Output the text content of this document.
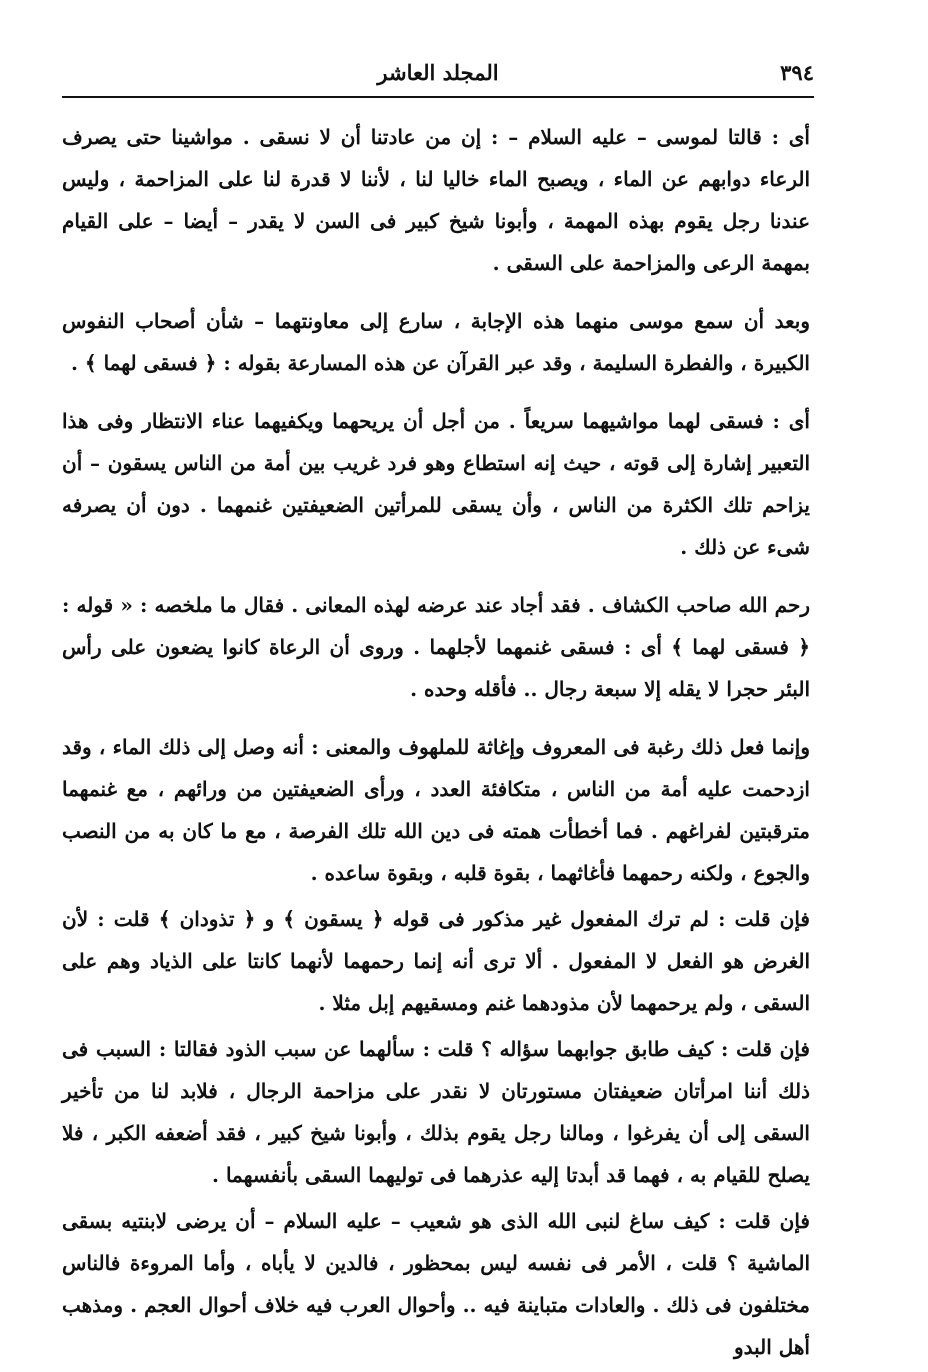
٣٩٤
المجلد العاشر

أى : قالتا لموسى – عليه السلام – : إن من عادتنا أن لا نسقى . مواشينا حتى يصرف الرعاء دوابهم عن الماء ، ويصبح الماء خاليا لنا ، لأننا لا قدرة لنا على المزاحمة ، وليس عندنا رجل يقوم بهذه المهمة ، وأبونا شيخ كبير فى السن لا يقدر – أيضا – على القيام بمهمة الرعى والمزاحمة على السقى .

وبعد أن سمع موسى منهما هذه الإجابة ، سارع إلى معاونتهما – شأن أصحاب النفوس الكبيرة ، والفطرة السليمة ، وقد عبر القرآن عن هذه المسارعة بقوله : ﴿ فسقى لهما ﴾ .

أى : فسقى لهما مواشيهما سريعاً . من أجل أن يريحهما ويكفيهما عناء الانتظار وفى هذا التعبير إشارة إلى قوته ، حيث إنه استطاع وهو فرد غريب بين أمة من الناس يسقون – أن يزاحم تلك الكثرة من الناس ، وأن يسقى للمرأتين الضعيفتين غنمهما . دون أن يصرفه شىء عن ذلك .

رحم الله صاحب الكشاف . فقد أجاد عند عرضه لهذه المعانى . فقال ما ملخصه : « قوله : ﴿ فسقى لهما ﴾ أى : فسقى غنمهما لأجلهما . وروى أن الرعاة كانوا يضعون على رأس البئر حجرا لا يقله إلا سبعة رجال .. فأقله وحده .

وإنما فعل ذلك رغبة فى المعروف وإغاثة للملهوف والمعنى : أنه وصل إلى ذلك الماء ، وقد ازدحمت عليه أمة من الناس ، متكافئة العدد ، ورأى الضعيفتين من ورائهم ، مع غنمهما مترقبتين لفراغهم . فما أخطأت همته فى دين الله تلك الفرصة ، مع ما كان به من النصب والجوع ، ولكنه رحمهما فأغاثهما ، بقوة قلبه ، وبقوة ساعده .

فإن قلت : لم ترك المفعول غير مذكور فى قوله ﴿ يسقون ﴾ و ﴿ تذودان ﴾ قلت : لأن الغرض هو الفعل لا المفعول . ألا ترى أنه إنما رحمهما لأنهما كانتا على الذياد وهم على السقى ، ولم يرحمهما لأن مذودهما غنم ومسقيهم إبل مثلا .

فإن قلت : كيف طابق جوابهما سؤاله ؟ قلت : سألهما عن سبب الذود فقالتا : السبب فى ذلك أننا امرأتان ضعيفتان مستورتان لا نقدر على مزاحمة الرجال ، فلابد لنا من تأخير السقى إلى أن يفرغوا ، ومالنا رجل يقوم بذلك ، وأبونا شيخ كبير ، فقد أضعفه الكبر ، فلا يصلح للقيام به ، فهما قد أبدتا إليه عذرهما فى توليهما السقى بأنفسهما .

فإن قلت : كيف ساغ لنبى الله الذى هو شعيب – عليه السلام – أن يرضى لابنتيه بسقى الماشية ؟ قلت ، الأمر فى نفسه ليس بمحظور ، فالدين لا يأباه ، وأما المروءة فالناس مختلفون فى ذلك . والعادات متباينة فيه .. وأحوال العرب فيه خلاف أحوال العجم . ومذهب أهل البدو
